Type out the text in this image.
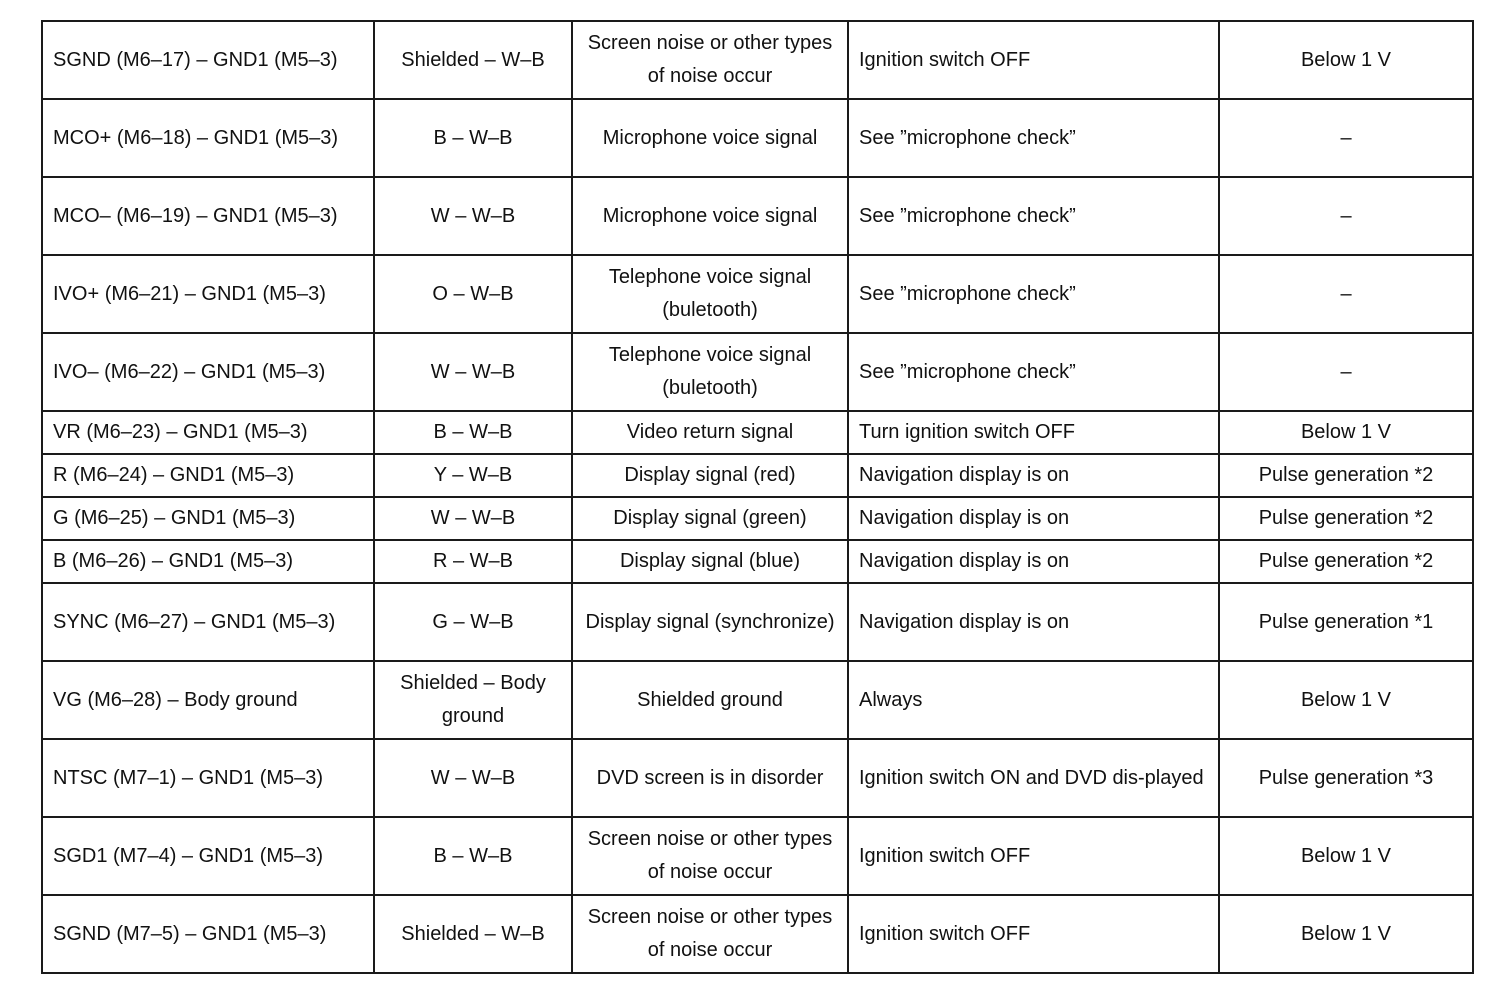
SGND (M6–17) – GND1 (M5–3)	Shielded – W–B	Screen noise or other types of noise occur	Ignition switch OFF	Below 1 V
MCO+ (M6–18) – GND1 (M5–3)	B – W–B	Microphone voice signal	See ”microphone check”	–
MCO– (M6–19) – GND1 (M5–3)	W – W–B	Microphone voice signal	See ”microphone check”	–
IVO+ (M6–21) – GND1 (M5–3)	O – W–B	Telephone voice signal (buletooth)	See ”microphone check”	–
IVO– (M6–22) – GND1 (M5–3)	W – W–B	Telephone voice signal (buletooth)	See ”microphone check”	–
VR (M6–23) – GND1 (M5–3)	B – W–B	Video return signal	Turn ignition switch OFF	Below 1 V
R (M6–24) – GND1 (M5–3)	Y – W–B	Display signal (red)	Navigation display is on	Pulse generation *2
G (M6–25) – GND1 (M5–3)	W – W–B	Display signal (green)	Navigation display is on	Pulse generation *2
B (M6–26) – GND1 (M5–3)	R – W–B	Display signal (blue)	Navigation display is on	Pulse generation *2
SYNC (M6–27) – GND1 (M5–3)	G – W–B	Display signal (synchronize)	Navigation display is on	Pulse generation *1
VG (M6–28) – Body ground	Shielded – Body ground	Shielded ground	Always	Below 1 V
NTSC (M7–1) – GND1 (M5–3)	W – W–B	DVD screen is in disorder	Ignition switch ON and DVD dis-played	Pulse generation *3
SGD1 (M7–4) – GND1 (M5–3)	B – W–B	Screen noise or other types of noise occur	Ignition switch OFF	Below 1 V
SGND (M7–5) – GND1 (M5–3)	Shielded – W–B	Screen noise or other types of noise occur	Ignition switch OFF	Below 1 V
